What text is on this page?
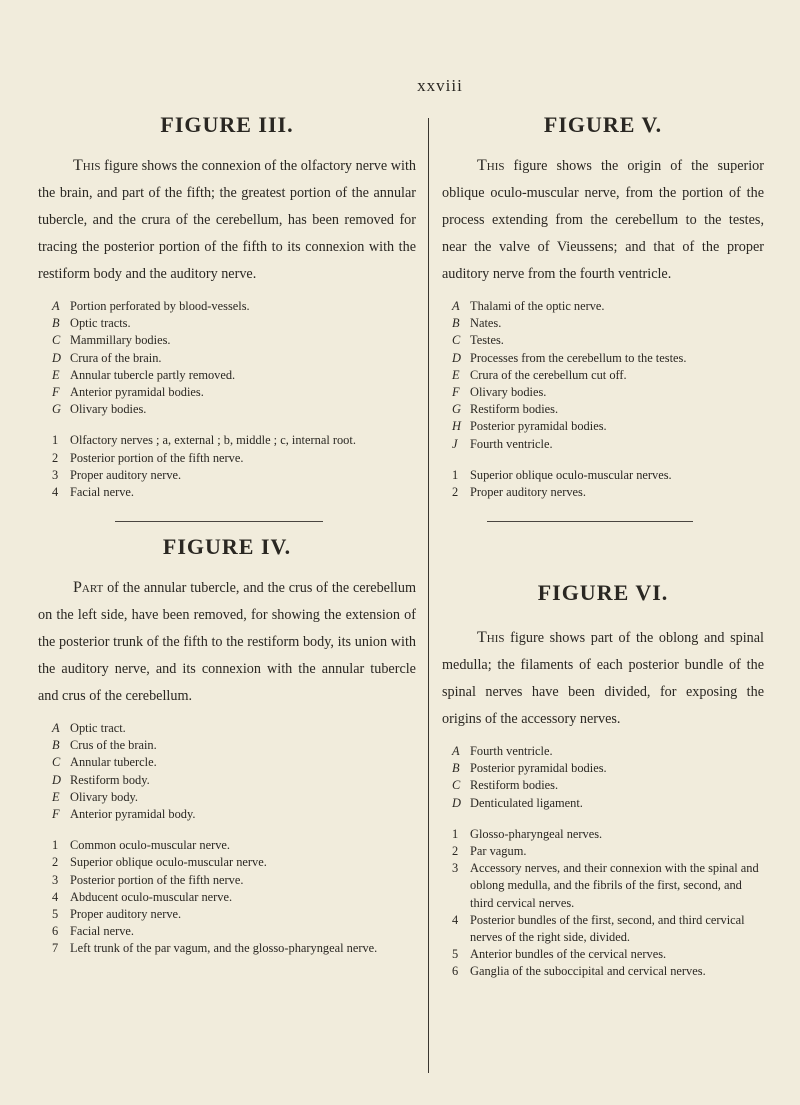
xxviii
FIGURE III.

This figure shows the connexion of the olfactory nerve with the brain, and part of the fifth; the greatest portion of the annular tubercle, and the crura of the cerebellum, has been removed for tracing the posterior portion of the fifth to its connexion with the restiform body and the auditory nerve.

A Portion perforated by blood-vessels.
B Optic tracts.
C Mammillary bodies.
D Crura of the brain.
E Annular tubercle partly removed.
F Anterior pyramidal bodies.
G Olivary bodies.
1 Olfactory nerves ; a, external ; b, middle ; c, internal root.
2 Posterior portion of the fifth nerve.
3 Proper auditory nerve.
4 Facial nerve.
FIGURE IV.

Part of the annular tubercle, and the crus of the cerebellum on the left side, have been removed, for showing the extension of the posterior trunk of the fifth to the restiform body, its union with the auditory nerve, and its connexion with the annular tubercle and crus of the cerebellum.

A Optic tract.
B Crus of the brain.
C Annular tubercle.
D Restiform body.
E Olivary body.
F Anterior pyramidal body.
1 Common oculo-muscular nerve.
2 Superior oblique oculo-muscular nerve.
3 Posterior portion of the fifth nerve.
4 Abducent oculo-muscular nerve.
5 Proper auditory nerve.
6 Facial nerve.
7 Left trunk of the par vagum, and the glosso-pharyngeal nerve.
FIGURE V.

This figure shows the origin of the superior oblique oculo-muscular nerve, from the portion of the process extending from the cerebellum to the testes, near the valve of Vieussens; and that of the proper auditory nerve from the fourth ventricle.

A Thalami of the optic nerve.
B Nates.
C Testes.
D Processes from the cerebellum to the testes.
E Crura of the cerebellum cut off.
F Olivary bodies.
G Restiform bodies.
H Posterior pyramidal bodies.
J	Fourth ventricle.
1 Superior oblique oculo-muscular nerves.
2 Proper auditory nerves.
FIGURE VI.

This figure shows part of the oblong and spinal medulla; the filaments of each posterior bundle of the spinal nerves have been divided, for exposing the origins of the accessory nerves.

A Fourth ventricle.
B Posterior pyramidal bodies.
C Restiform bodies.
D Denticulated ligament.
1 Glosso-pharyngeal nerves.
2 Par vagum.
3 Accessory nerves, and their connexion with the spinal and oblong medulla, and the fibrils of the first, second, and third cervical nerves.
4 Posterior bundles of the first, second, and third cervical nerves of the right side, divided.
5 Anterior bundles of the cervical nerves.
6 Ganglia of the suboccipital and cervical nerves.
